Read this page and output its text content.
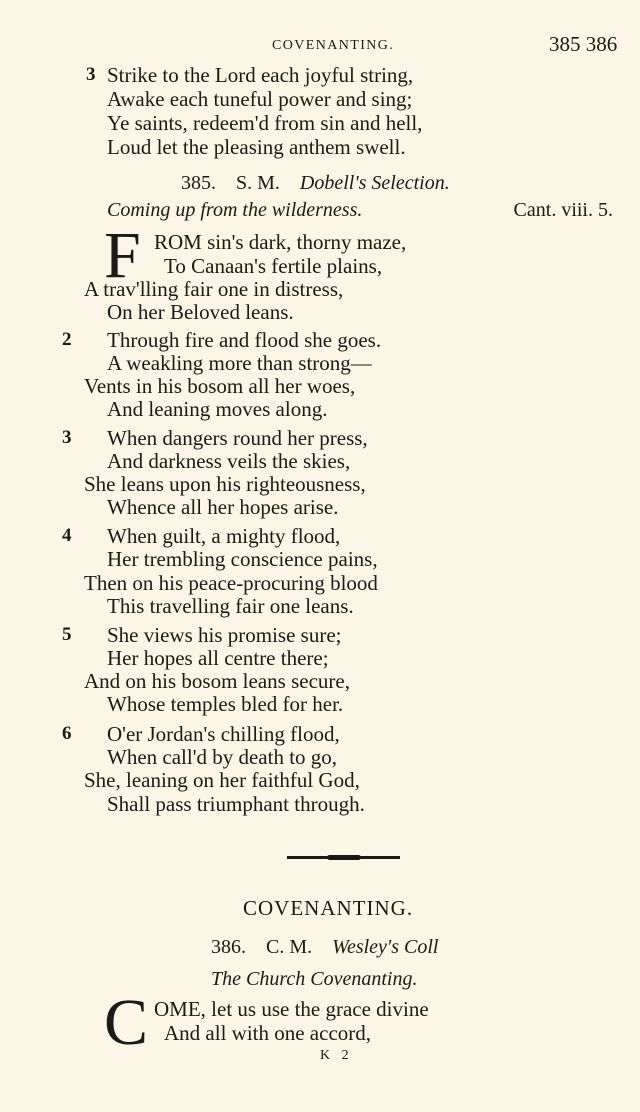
COVENANTING.	385 386
3 Strike to the Lord each joyful string,
Awake each tuneful power and sing;
Ye saints, redeem'd from sin and hell,
Loud let the pleasing anthem swell.
385. S. M. Dobell's Selection.
Coming up from the wilderness.	Cant. viii. 5.
F ROM sin's dark, thorny maze,
To Canaan's fertile plains,
A trav'lling fair one in distress,
On her Beloved leans.
2 Through fire and flood she goes.
A weakling more than strong—
Vents in his bosom all her woes,
And leaning moves along.
3 When dangers round her press,
And darkness veils the skies,
She leans upon his righteousness,
Whence all her hopes arise.
4 When guilt, a mighty flood,
Her trembling conscience pains,
Then on his peace-procuring blood
This travelling fair one leans.
5 She views his promise sure;
Her hopes all centre there;
And on his bosom leans secure,
Whose temples bled for her.
6 O'er Jordan's chilling flood,
When call'd by death to go,
She, leaning on her faithful God,
Shall pass triumphant through.
COVENANTING.
386. C. M. Wesley's Coll
The Church Covenanting.
C OME, let us use the grace divine
And all with one accord,
K 2
